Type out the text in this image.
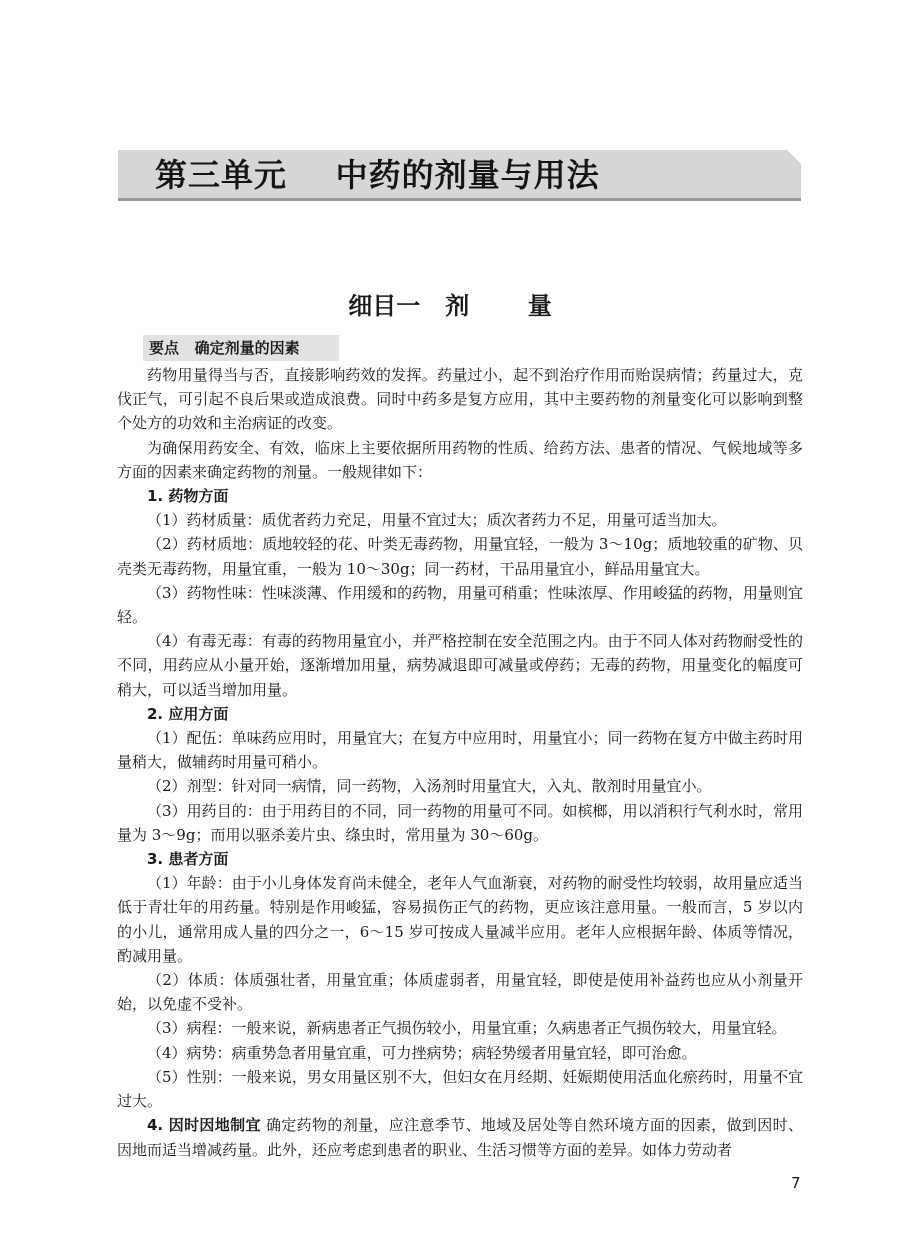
第三单元    中药的剂量与用法
细目一   剂       量
要点   确定剂量的因素

药物用量得当与否，直接影响药效的发挥。药量过小，起不到治疗作用而贻误病情；药量过大，克伐正气，可引起不良后果或造成浪费。同时中药多是复方应用，其中主要药物的剂量变化可以影响到整个处方的功效和主治病证的改变。

为确保用药安全、有效，临床上主要依据所用药物的性质、给药方法、患者的情况、气候地域等多方面的因素来确定药物的剂量。一般规律如下：

1. 药物方面

（1）药材质量：质优者药力充足，用量不宜过大；质次者药力不足，用量可适当加大。

（2）药材质地：质地较轻的花、叶类无毒药物，用量宜轻，一般为 3～10g；质地较重的矿物、贝壳类无毒药物，用量宜重，一般为 10～30g；同一药材，干品用量宜小，鲜品用量宜大。

（3）药物性味：性味淡薄、作用缓和的药物，用量可稍重；性味浓厚、作用峻猛的药物，用量则宜轻。

（4）有毒无毒：有毒的药物用量宜小，并严格控制在安全范围之内。由于不同人体对药物耐受性的不同，用药应从小量开始，逐渐增加用量，病势减退即可减量或停药；无毒的药物，用量变化的幅度可稍大，可以适当增加用量。

2. 应用方面

（1）配伍：单味药应用时，用量宜大；在复方中应用时，用量宜小；同一药物在复方中做主药时用量稍大，做辅药时用量可稍小。

（2）剂型：针对同一病情，同一药物，入汤剂时用量宜大，入丸、散剂时用量宜小。

（3）用药目的：由于用药目的不同，同一药物的用量可不同。如槟榔，用以消积行气利水时，常用量为 3～9g；而用以驱杀姜片虫、绦虫时，常用量为 30～60g。

3. 患者方面

（1）年龄：由于小儿身体发育尚未健全，老年人气血渐衰，对药物的耐受性均较弱，故用量应适当低于青壮年的用药量。特别是作用峻猛，容易损伤正气的药物，更应该注意用量。一般而言，5 岁以内的小儿，通常用成人量的四分之一，6～15 岁可按成人量减半应用。老年人应根据年龄、体质等情况，酌减用量。

（2）体质：体质强壮者，用量宜重；体质虚弱者，用量宜轻，即使是使用补益药也应从小剂量开始，以免虚不受补。

（3）病程：一般来说，新病患者正气损伤较小，用量宜重；久病患者正气损伤较大，用量宜轻。

（4）病势：病重势急者用量宜重，可力挫病势；病轻势缓者用量宜轻，即可治愈。

（5）性别：一般来说，男女用量区别不大，但妇女在月经期、妊娠期使用活血化瘀药时，用量不宜过大。

4. 因时因地制宜 确定药物的剂量，应注意季节、地域及居处等自然环境方面的因素，做到因时、因地而适当增减药量。此外，还应考虑到患者的职业、生活习惯等方面的差异。如体力劳动者

7
